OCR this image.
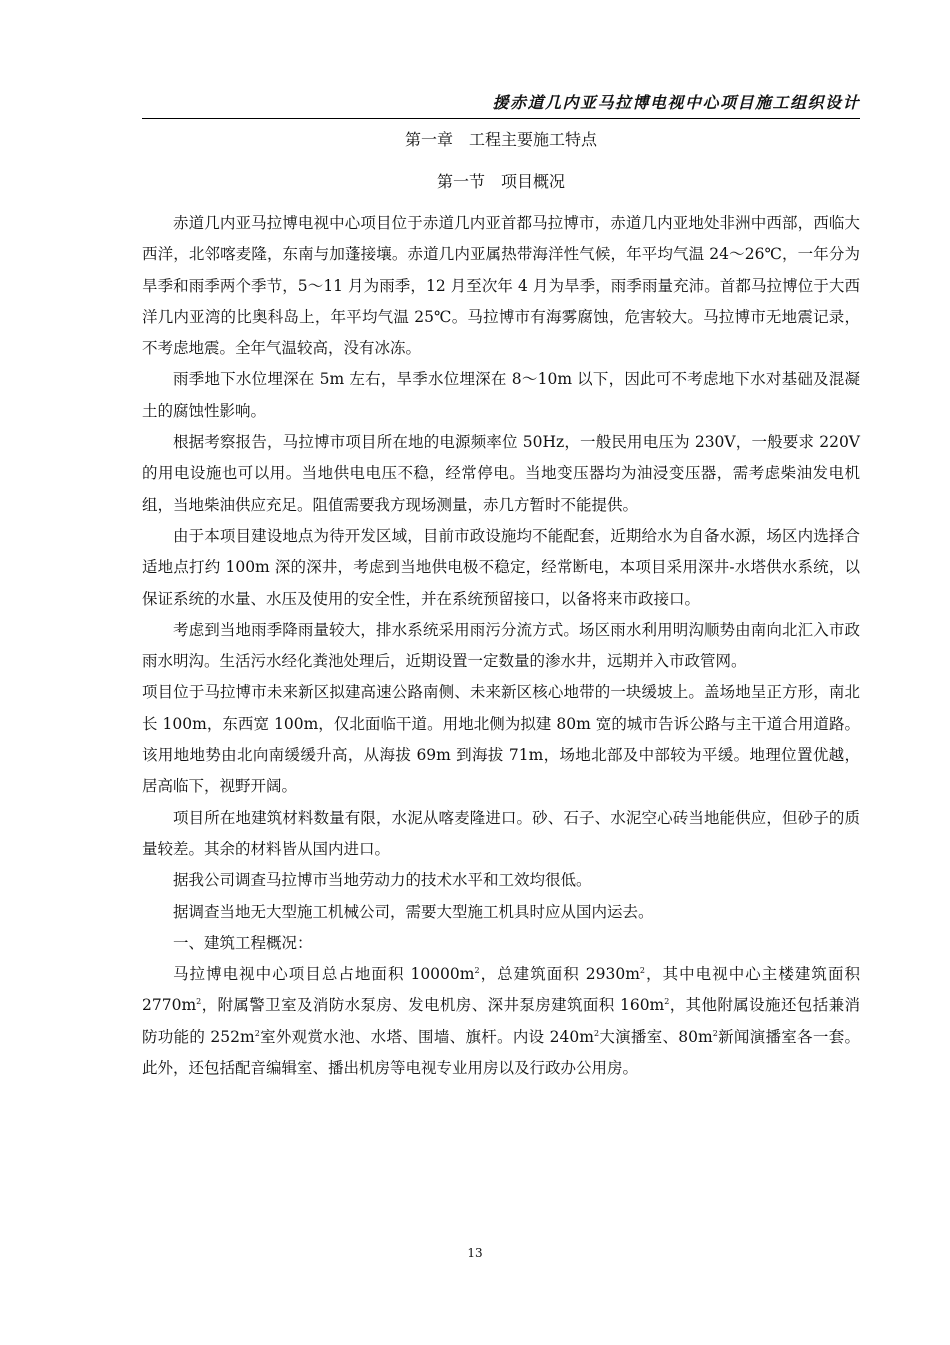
援赤道几内亚马拉博电视中心项目施工组织设计
第一章　工程主要施工特点
第一节　项目概况

赤道几内亚马拉博电视中心项目位于赤道几内亚首都马拉博市，赤道几内亚地处非洲中西部，西临大西洋，北邻喀麦隆，东南与加蓬接壤。赤道几内亚属热带海洋性气候，年平均气温 24～26℃，一年分为旱季和雨季两个季节，5～11 月为雨季，12 月至次年 4 月为旱季，雨季雨量充沛。首都马拉博位于大西洋几内亚湾的比奥科岛上，年平均气温 25℃。马拉博市有海雾腐蚀，危害较大。马拉博市无地震记录，不考虑地震。全年气温较高，没有冰冻。

雨季地下水位埋深在 5m 左右，旱季水位埋深在 8～10m 以下，因此可不考虑地下水对基础及混凝土的腐蚀性影响。

根据考察报告，马拉博市项目所在地的电源频率位 50Hz，一般民用电压为 230V，一般要求 220V 的用电设施也可以用。当地供电电压不稳，经常停电。当地变压器均为油浸变压器，需考虑柴油发电机组，当地柴油供应充足。阻值需要我方现场测量，赤几方暂时不能提供。

由于本项目建设地点为待开发区域，目前市政设施均不能配套，近期给水为自备水源，场区内选择合适地点打约 100m 深的深井，考虑到当地供电极不稳定，经常断电，本项目采用深井-水塔供水系统，以保证系统的水量、水压及使用的安全性，并在系统预留接口，以备将来市政接口。

考虑到当地雨季降雨量较大，排水系统采用雨污分流方式。场区雨水利用明沟顺势由南向北汇入市政雨水明沟。生活污水经化粪池处理后，近期设置一定数量的渗水井，远期并入市政管网。

项目位于马拉博市未来新区拟建高速公路南侧、未来新区核心地带的一块缓坡上。盖场地呈正方形，南北长 100m，东西宽 100m，仅北面临干道。用地北侧为拟建 80m 宽的城市告诉公路与主干道合用道路。该用地地势由北向南缓缓升高，从海拔 69m 到海拔 71m，场地北部及中部较为平缓。地理位置优越，居高临下，视野开阔。

项目所在地建筑材料数量有限，水泥从喀麦隆进口。砂、石子、水泥空心砖当地能供应，但砂子的质量较差。其余的材料皆从国内进口。

据我公司调查马拉博市当地劳动力的技术水平和工效均很低。

据调查当地无大型施工机械公司，需要大型施工机具时应从国内运去。

一、建筑工程概况：

马拉博电视中心项目总占地面积 $10000m^2$，总建筑面积 $2930m^2$，其中电视中心主楼建筑面积 $2770m^2$，附属警卫室及消防水泵房、发电机房、深井泵房建筑面积 $160m^2$，其他附属设施还包括兼消防功能的 $252m^2$室外观赏水池、水塔、围墙、旗杆。内设 $240m^2$大演播室、$80m^2$新闻演播室各一套。此外，还包括配音编辑室、播出机房等电视专业用房以及行政办公用房。

13
